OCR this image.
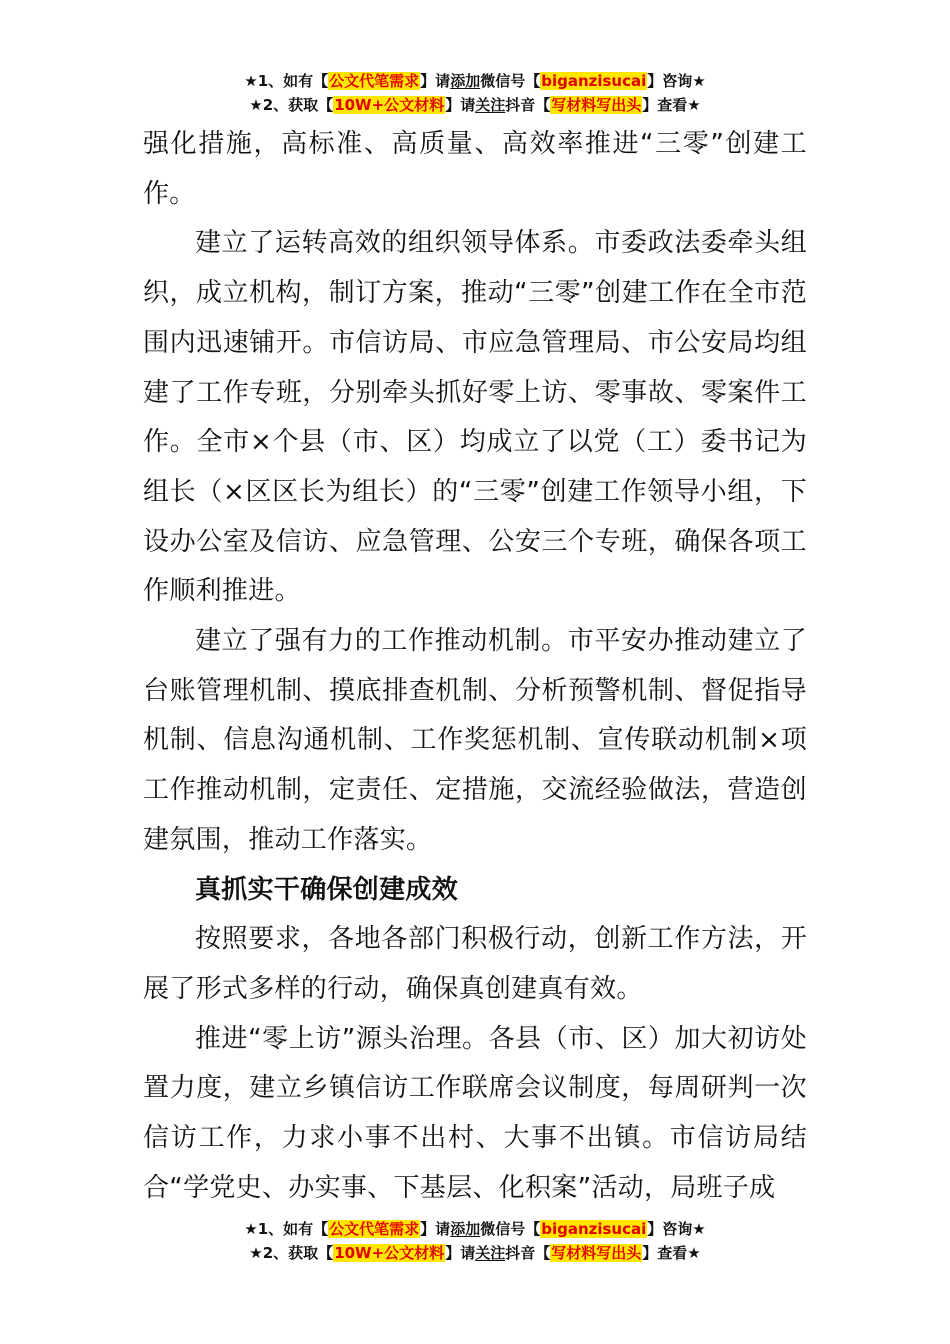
★1、如有【公文代笔需求】请添加微信号【biganzisucai】咨询★
★2、获取【10W+公文材料】请关注抖音【写材料写出头】查看★

强化措施，高标准、高质量、高效率推进“三零”创建工作。

建立了运转高效的组织领导体系。市委政法委牵头组织，成立机构，制订方案，推动“三零”创建工作在全市范围内迅速铺开。市信访局、市应急管理局、市公安局均组建了工作专班，分别牵头抓好零上访、零事故、零案件工作。全市×个县（市、区）均成立了以党（工）委书记为组长（×区区长为组长）的“三零”创建工作领导小组，下设办公室及信访、应急管理、公安三个专班，确保各项工作顺利推进。

建立了强有力的工作推动机制。市平安办推动建立了台账管理机制、摸底排查机制、分析预警机制、督促指导机制、信息沟通机制、工作奖惩机制、宣传联动机制×项工作推动机制，定责任、定措施，交流经验做法，营造创建氛围，推动工作落实。

真抓实干确保创建成效

按照要求，各地各部门积极行动，创新工作方法，开展了形式多样的行动，确保真创建真有效。

推进“零上访”源头治理。各县（市、区）加大初访处置力度，建立乡镇信访工作联席会议制度，每周研判一次信访工作，力求小事不出村、大事不出镇。市信访局结合“学党史、办实事、下基层、化积案”活动，局班子成

★1、如有【公文代笔需求】请添加微信号【biganzisucai】咨询★
★2、获取【10W+公文材料】请关注抖音【写材料写出头】查看★
